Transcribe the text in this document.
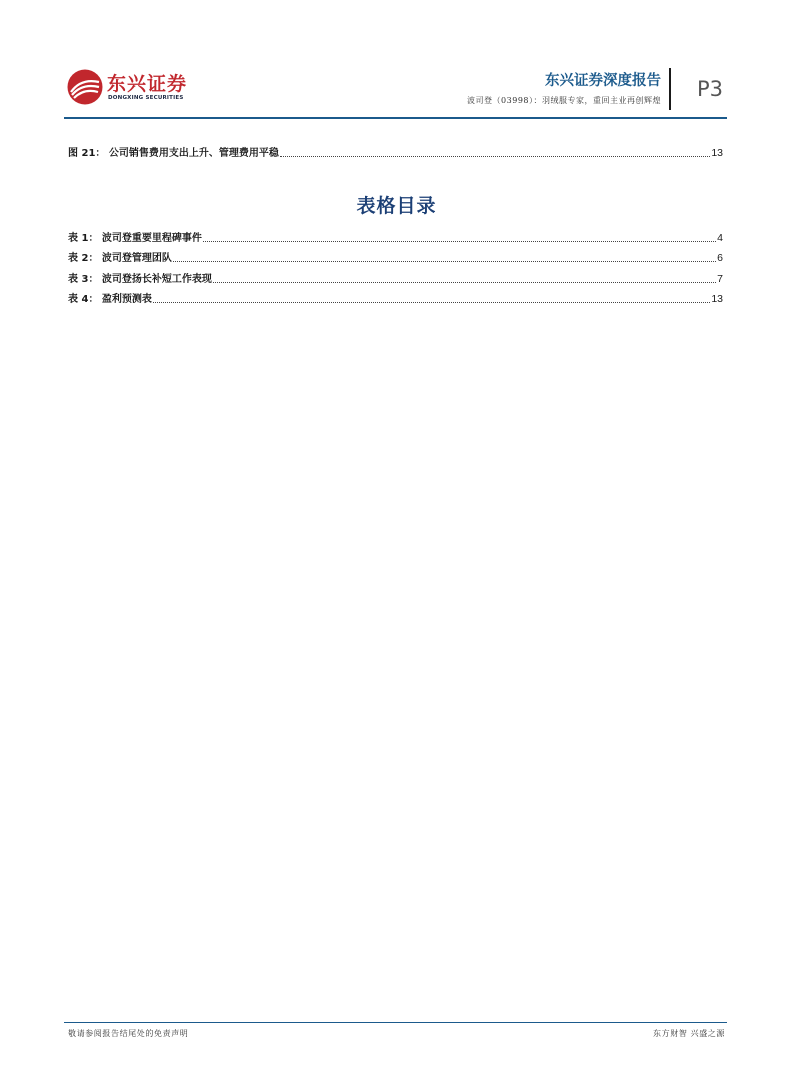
东兴证券
DONGXING SECURITIES
东兴证券深度报告
波司登（03998）：羽绒服专家，重回主业再创辉煌 P3
图 21： 公司销售费用支出上升、管理费用平稳	13
表格目录
表 1： 波司登重要里程碑事件	4
表 2： 波司登管理团队	6
表 3： 波司登扬长补短工作表现	7
表 4： 盈利预测表	13
敬请参阅报告结尾处的免责声明	东方财智 兴盛之源
